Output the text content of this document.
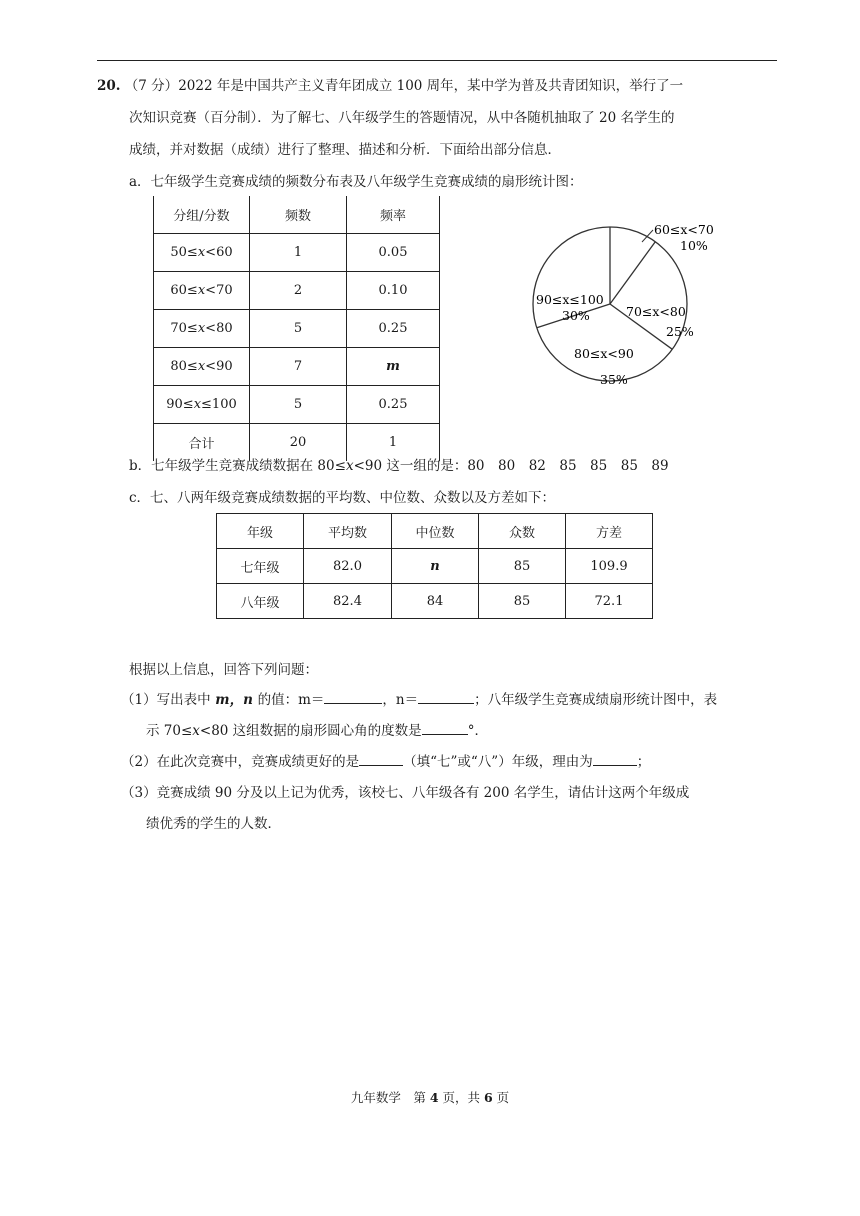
20. （7 分）2022 年是中国共产主义青年团成立 100 周年，某中学为普及共青团知识，举行了一
次知识竞赛（百分制）．为了解七、八年级学生的答题情况，从中各随机抽取了 20 名学生的
成绩，并对数据（成绩）进行了整理、描述和分析．下面给出部分信息．
a．七年级学生竞赛成绩的频数分布表及八年级学生竞赛成绩的扇形统计图：
分组/分数	频数	频率
50≤x<60	1	0.05
60≤x<70	2	0.10
70≤x<80	5	0.25
80≤x<90	7	m
90≤x≤100	5	0.25
合计	20	1
60≤x<70
10%
70≤x<80
25%
80≤x<90
35%
90≤x≤100
30%
b．七年级学生竞赛成绩数据在 80≤x<90 这一组的是：80　80　82　85　85　85　89
c．七、八两年级竞赛成绩数据的平均数、中位数、众数以及方差如下：
年级	平均数	中位数	众数	方差
七年级	82.0	n	85	109.9
八年级	82.4	84	85	72.1
根据以上信息，回答下列问题：
（1）写出表中 m，n 的值：m＝	，n＝	；八年级学生竞赛成绩扇形统计图中，表
示 70≤x<80 这组数据的扇形圆心角的度数是	°．
（2）在此次竞赛中，竞赛成绩更好的是	（填“七”或“八”）年级，理由为	；
（3）竞赛成绩 90 分及以上记为优秀，该校七、八年级各有 200 名学生，请估计这两个年级成
绩优秀的学生的人数．
九年数学　第 4 页，共 6 页
